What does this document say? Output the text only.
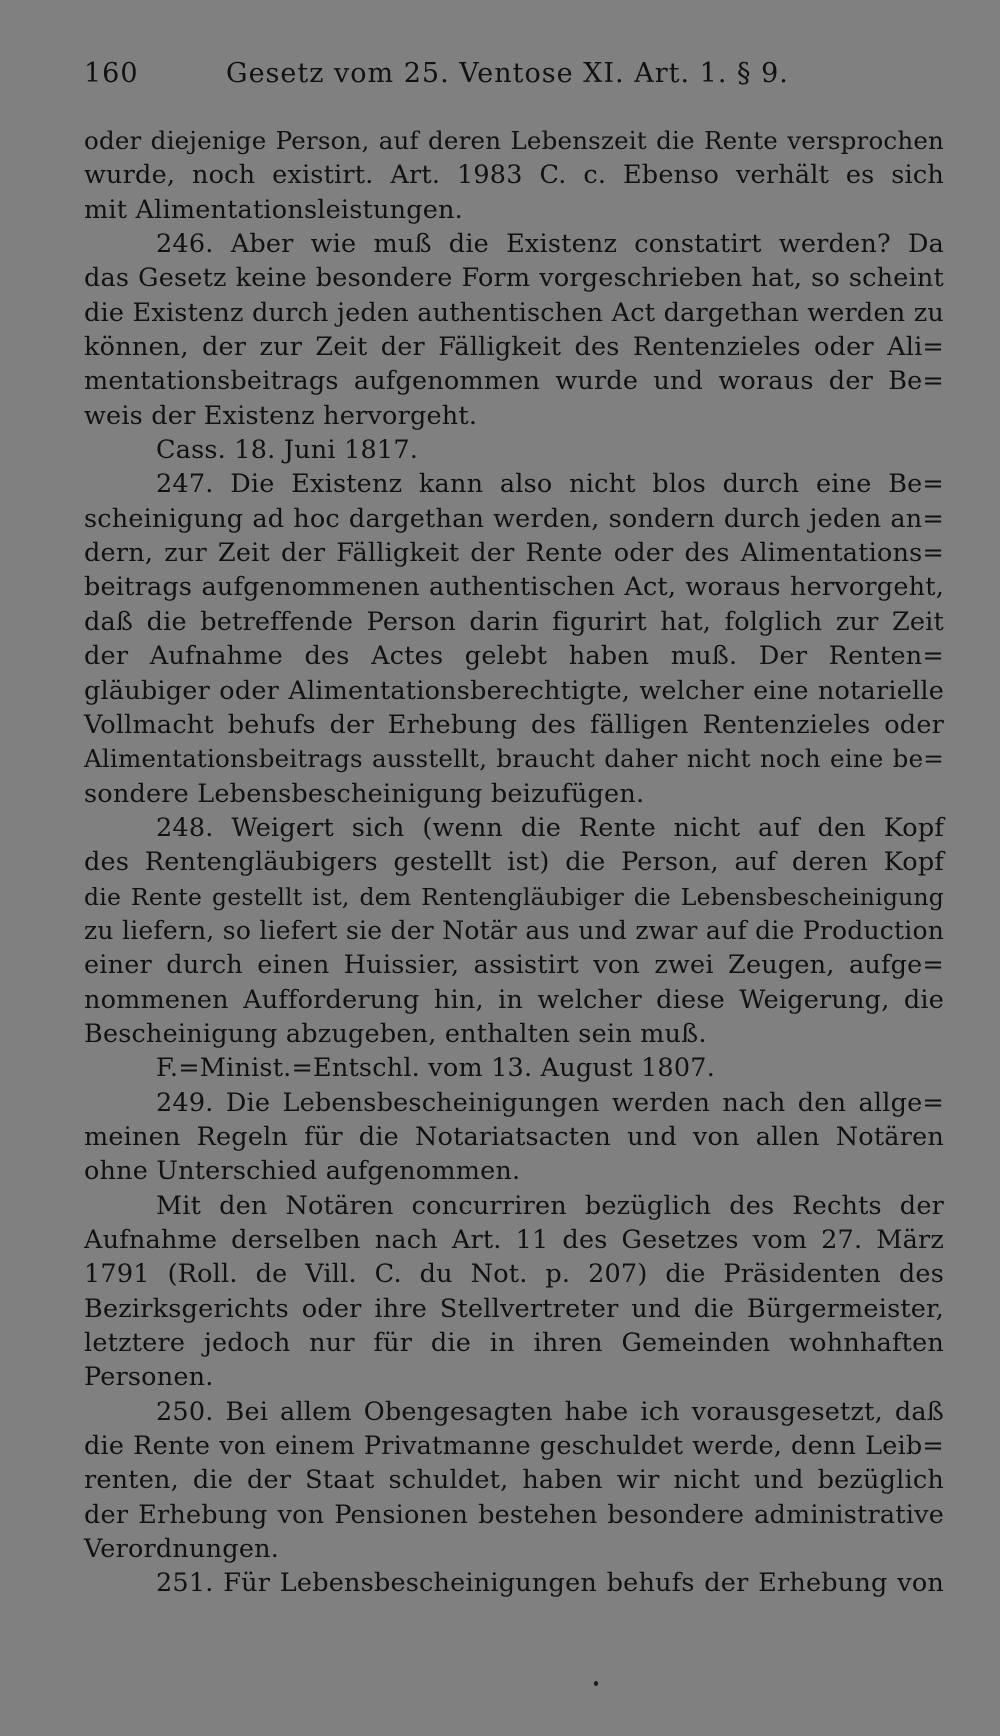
160	Gesetz vom 25. Ventose XI. Art. 1. § 9.
oder diejenige Person, auf deren Lebenszeit die Rente versprochen
wurde, noch existirt. Art. 1983 C. c. Ebenso verhält es sich
mit Alimentationsleistungen.
246. Aber wie muß die Existenz constatirt werden? Da
das Gesetz keine besondere Form vorgeschrieben hat, so scheint
die Existenz durch jeden authentischen Act dargethan werden zu
können, der zur Zeit der Fälligkeit des Rentenzieles oder Ali=
mentationsbeitrags aufgenommen wurde und woraus der Be=
weis der Existenz hervorgeht.
Cass. 18. Juni 1817.
247. Die Existenz kann also nicht blos durch eine Be=
scheinigung ad hoc dargethan werden, sondern durch jeden an=
dern, zur Zeit der Fälligkeit der Rente oder des Alimentations=
beitrags aufgenommenen authentischen Act, woraus hervorgeht,
daß die betreffende Person darin figurirt hat, folglich zur Zeit
der Aufnahme des Actes gelebt haben muß. Der Renten=
gläubiger oder Alimentationsberechtigte, welcher eine notarielle
Vollmacht behufs der Erhebung des fälligen Rentenzieles oder
Alimentationsbeitrags ausstellt, braucht daher nicht noch eine be=
sondere Lebensbescheinigung beizufügen.
248. Weigert sich (wenn die Rente nicht auf den Kopf
des Rentengläubigers gestellt ist) die Person, auf deren Kopf
die Rente gestellt ist, dem Rentengläubiger die Lebensbescheinigung
zu liefern, so liefert sie der Notär aus und zwar auf die Production
einer durch einen Huissier, assistirt von zwei Zeugen, aufge=
nommenen Aufforderung hin, in welcher diese Weigerung, die
Bescheinigung abzugeben, enthalten sein muß.
F.=Minist.=Entschl. vom 13. August 1807.
249. Die Lebensbescheinigungen werden nach den allge=
meinen Regeln für die Notariatsacten und von allen Notären
ohne Unterschied aufgenommen.
Mit den Notären concurriren bezüglich des Rechts der
Aufnahme derselben nach Art. 11 des Gesetzes vom 27. März
1791 (Roll. de Vill. C. du Not. p. 207) die Präsidenten des
Bezirksgerichts oder ihre Stellvertreter und die Bürgermeister,
letztere jedoch nur für die in ihren Gemeinden wohnhaften
Personen.
250. Bei allem Obengesagten habe ich vorausgesetzt, daß
die Rente von einem Privatmanne geschuldet werde, denn Leib=
renten, die der Staat schuldet, haben wir nicht und bezüglich
der Erhebung von Pensionen bestehen besondere administrative
Verordnungen.
251. Für Lebensbescheinigungen behufs der Erhebung von
